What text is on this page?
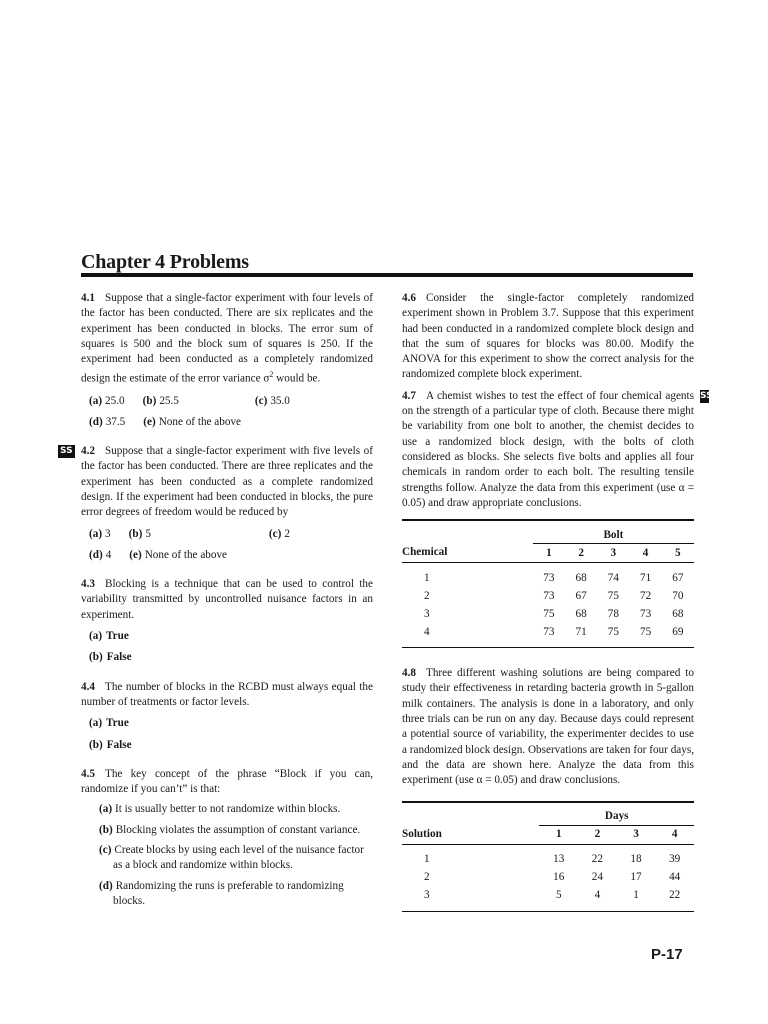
Chapter 4 Problems

4.1 Suppose that a single-factor experiment with four levels of the factor has been conducted. There are six replicates and the experiment has been conducted in blocks. The error sum of squares is 500 and the block sum of squares is 250. If the experiment had been conducted as a completely randomized design the estimate of the error variance $\sigma^2$ would be.

(a) 25.0 (b) 25.5	(c) 35.0
(d) 37.5 (e) None of the above

SS 4.2 Suppose that a single-factor experiment with five levels of the factor has been conducted. There are three replicates and the experiment has been conducted as a complete randomized design. If the experiment had been conducted in blocks, the pure error degrees of freedom would be reduced by

(a) 3 (b) 5	(c) 2
(d) 4 (e) None of the above

4.3 Blocking is a technique that can be used to control the variability transmitted by uncontrolled nuisance factors in an experiment.

(a) True
(b) False

4.4 The number of blocks in the RCBD must always equal the number of treatments or factor levels.

(a) True
(b) False

4.5 The key concept of the phrase “Block if you can, randomize if you can’t” is that:

(a) It is usually better to not randomize within blocks.
(b) Blocking violates the assumption of constant variance.
(c) Create blocks by using each level of the nuisance factor as a block and randomize within blocks.
(d) Randomizing the runs is preferable to randomizing blocks.

4.6 Consider the single-factor completely randomized experiment shown in Problem 3.7. Suppose that this experiment had been conducted in a randomized complete block design and that the sum of squares for blocks was 80.00. Modify the ANOVA for this experiment to show the correct analysis for the randomized complete block experiment.

SS
4.7 A chemist wishes to test the effect of four chemical agents on the strength of a particular type of cloth. Because there might be variability from one bolt to another, the chemist decides to use a randomized block design, with the bolts of cloth considered as blocks. She selects five bolts and applies all four chemicals in random order to each bolt. The resulting tensile strengths follow. Analyze the data from this experiment (use α = 0.05) and draw appropriate conclusions.

	Bolt				
Chemical	1	2	3	4	5

1	73	68	74	71	67
2	73	67	75	72	70
3	75	68	78	73	68
4	73	71	75	75	69

4.8 Three different washing solutions are being compared to study their effectiveness in retarding bacteria growth in 5-gallon milk containers. The analysis is done in a laboratory, and only three trials can be run on any day. Because days could represent a potential source of variability, the experimenter decides to use a randomized block design. Observations are taken for four days, and the data are shown here. Analyze the data from this experiment (use α = 0.05) and draw conclusions.

	Days			
Solution	1	2	3	4

1	13	22	18	39
2	16	24	17	44
3	5	4	1	22

P-17
